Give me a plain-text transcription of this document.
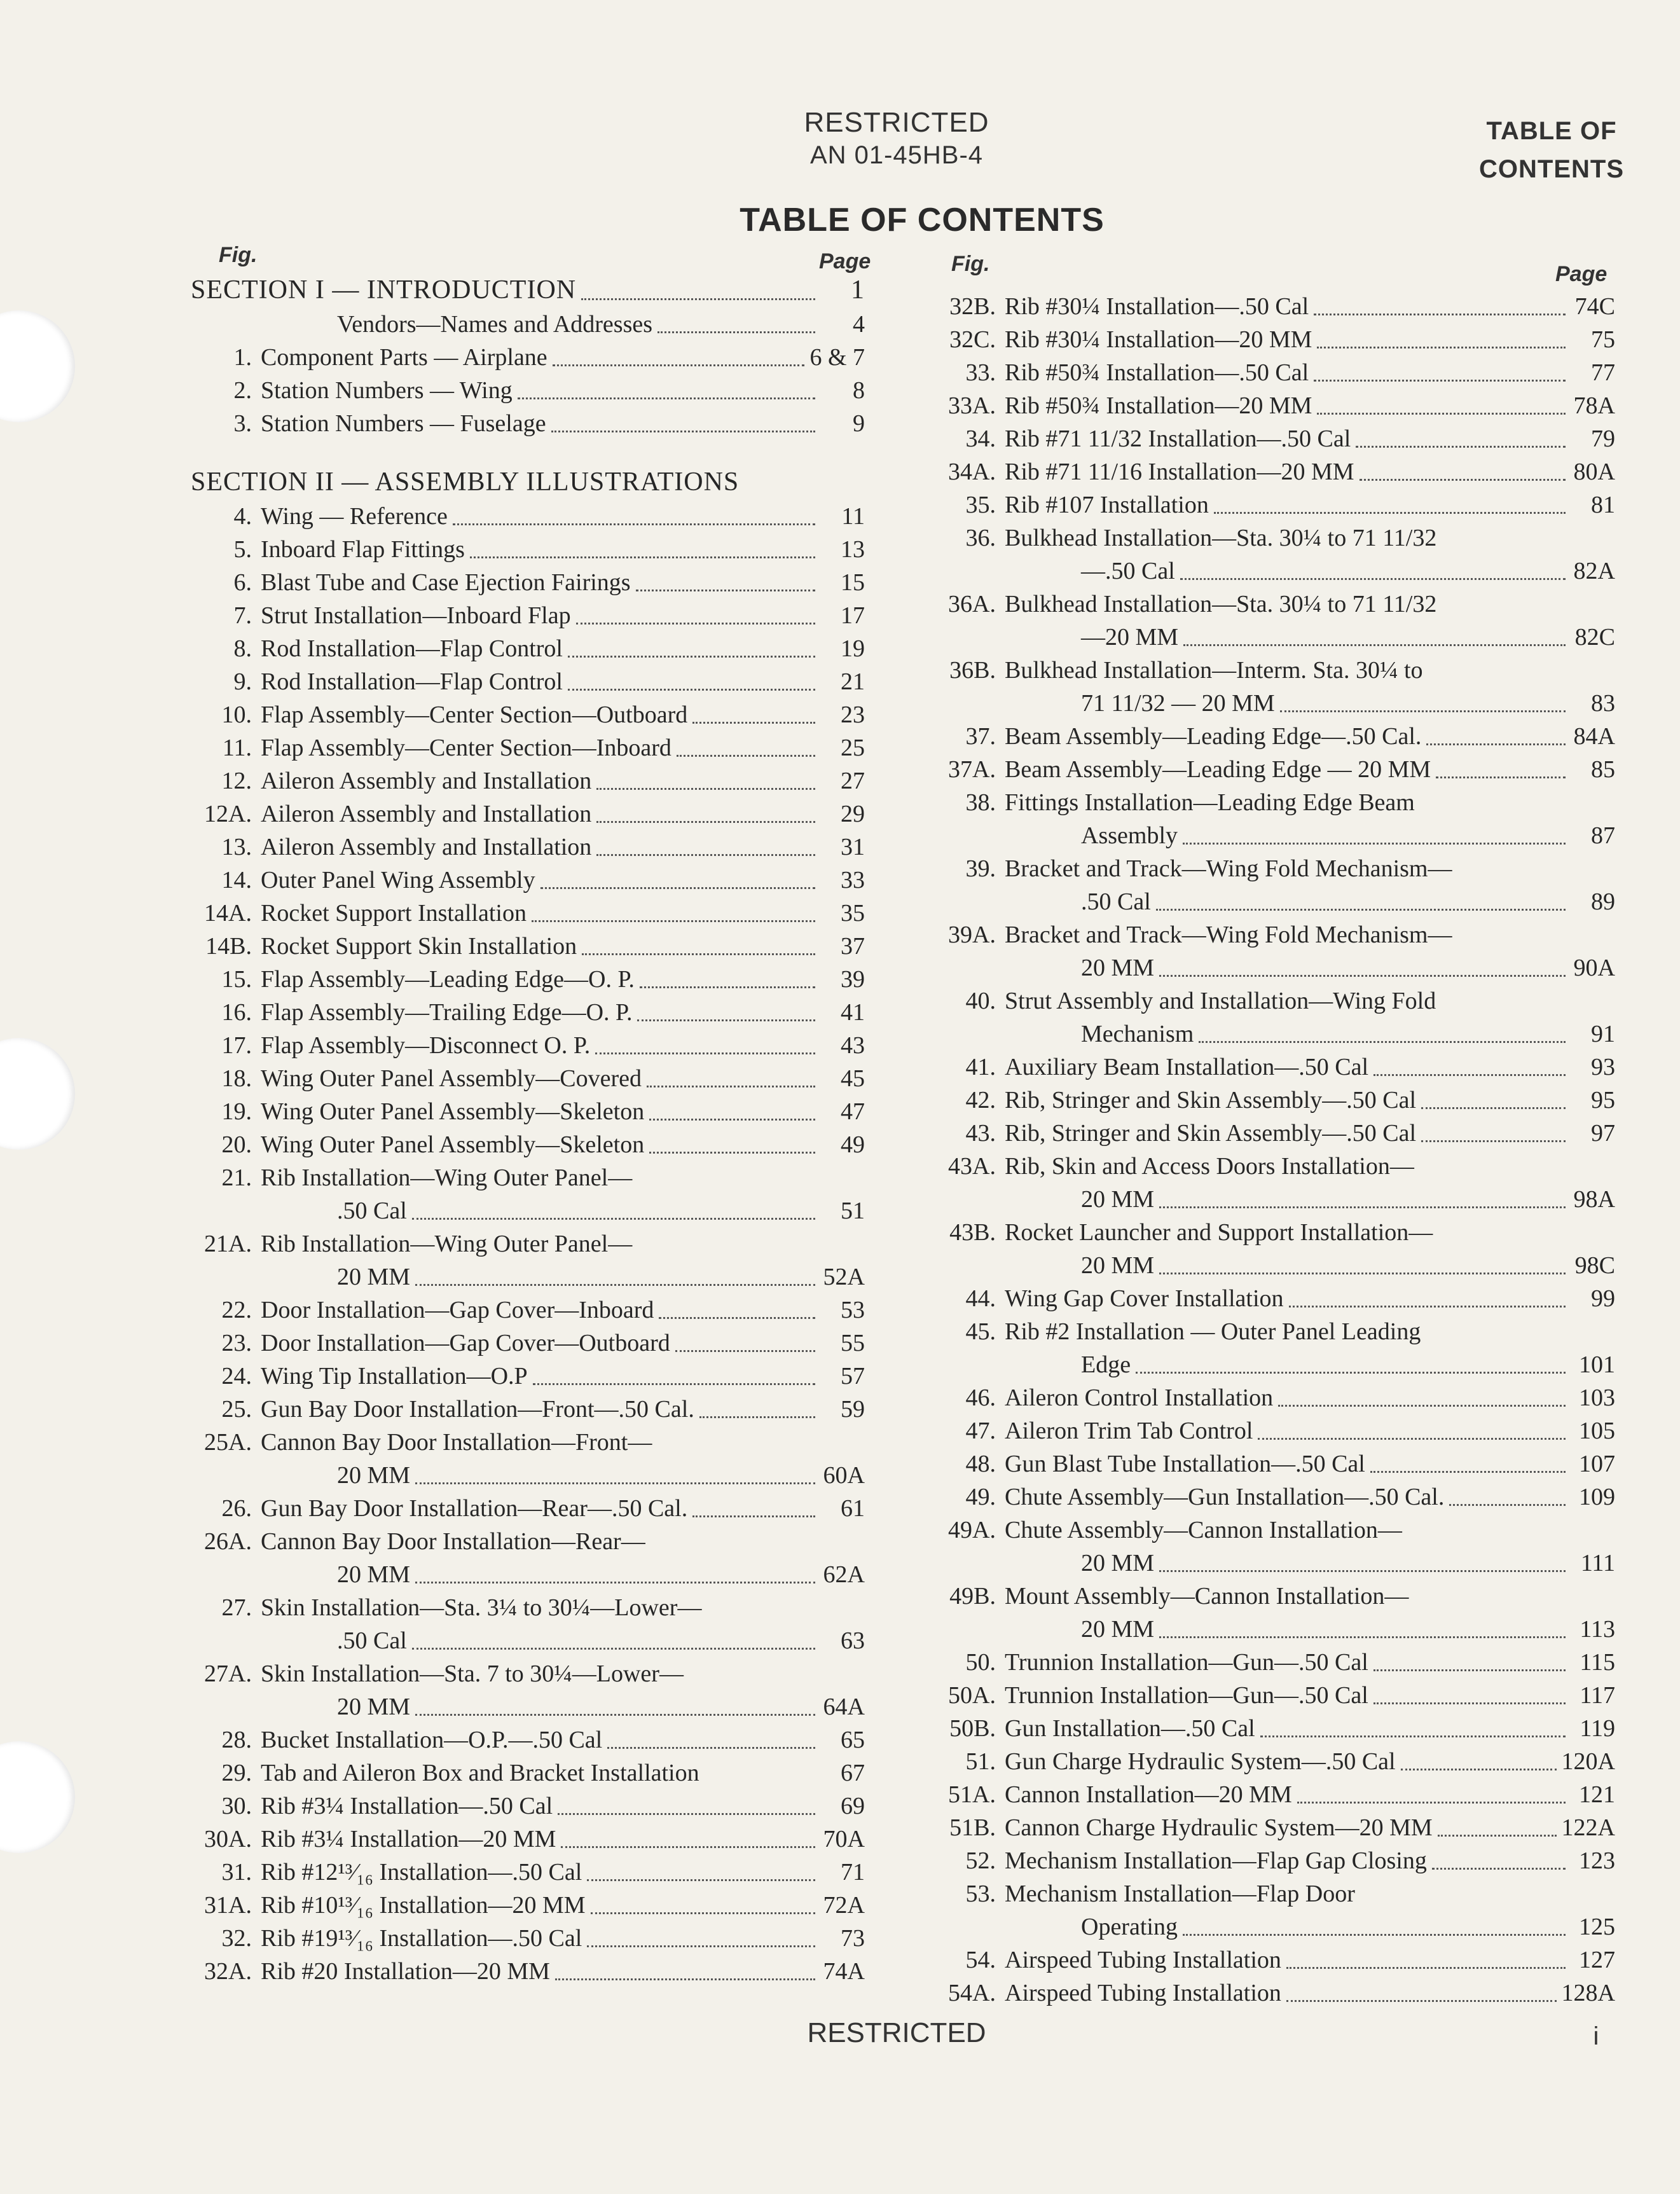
RESTRICTED
AN 01-45HB-4
TABLE OF
CONTENTS
TABLE OF CONTENTS
Fig.	Page	Fig.	Page
SECTION I — INTRODUCTION	1
Vendors—Names and Addresses	4
1. Component Parts — Airplane	6 & 7
2. Station Numbers — Wing	8
3. Station Numbers — Fuselage	9
SECTION II — ASSEMBLY ILLUSTRATIONS
4. Wing — Reference	11
5. Inboard Flap Fittings	13
6. Blast Tube and Case Ejection Fairings	15
7. Strut Installation—Inboard Flap	17
8. Rod Installation—Flap Control	19
9. Rod Installation—Flap Control	21
10. Flap Assembly—Center Section—Outboard	23
11. Flap Assembly—Center Section—Inboard	25
12. Aileron Assembly and Installation	27
12A. Aileron Assembly and Installation	29
13. Aileron Assembly and Installation	31
14. Outer Panel Wing Assembly	33
14A. Rocket Support Installation	35
14B. Rocket Support Skin Installation	37
15. Flap Assembly—Leading Edge—O. P.	39
16. Flap Assembly—Trailing Edge—O. P.	41
17. Flap Assembly—Disconnect O. P.	43
18. Wing Outer Panel Assembly—Covered	45
19. Wing Outer Panel Assembly—Skeleton	47
20. Wing Outer Panel Assembly—Skeleton	49
21. Rib Installation—Wing Outer Panel—
.50 Cal	51
21A. Rib Installation—Wing Outer Panel—
20 MM	52A
22. Door Installation—Gap Cover—Inboard	53
23. Door Installation—Gap Cover—Outboard	55
24. Wing Tip Installation—O.P	57
25. Gun Bay Door Installation—Front—.50 Cal.	59
25A. Cannon Bay Door Installation—Front—
20 MM	60A
26. Gun Bay Door Installation—Rear—.50 Cal.	61
26A. Cannon Bay Door Installation—Rear—
20 MM	62A
27. Skin Installation—Sta. 3¼ to 30¼—Lower—
.50 Cal	63
27A. Skin Installation—Sta. 7 to 30¼—Lower—
20 MM	64A
28. Bucket Installation—O.P.—.50 Cal	65
29. Tab and Aileron Box and Bracket Installation	67
30. Rib #3¼ Installation—.50 Cal	69
30A. Rib #3¼ Installation—20 MM	70A
31. Rib #12¹³⁄₁₆ Installation—.50 Cal	71
31A. Rib #10¹³⁄₁₆ Installation—20 MM	72A
32. Rib #19¹³⁄₁₆ Installation—.50 Cal	73
32A. Rib #20 Installation—20 MM	74A
32B. Rib #30¼ Installation—.50 Cal	74C
32C. Rib #30¼ Installation—20 MM	75
33. Rib #50¾ Installation—.50 Cal	77
33A. Rib #50¾ Installation—20 MM	78A
34. Rib #71 11/32 Installation—.50 Cal	79
34A. Rib #71 11/16 Installation—20 MM	80A
35. Rib #107 Installation	81
36. Bulkhead Installation—Sta. 30¼ to 71 11/32
—.50 Cal	82A
36A. Bulkhead Installation—Sta. 30¼ to 71 11/32
—20 MM	82C
36B. Bulkhead Installation—Interm. Sta. 30¼ to
71 11/32 — 20 MM	83
37. Beam Assembly—Leading Edge—.50 Cal.	84A
37A. Beam Assembly—Leading Edge — 20 MM	85
38. Fittings Installation—Leading Edge Beam
Assembly	87
39. Bracket and Track—Wing Fold Mechanism—
.50 Cal	89
39A. Bracket and Track—Wing Fold Mechanism—
20 MM	90A
40. Strut Assembly and Installation—Wing Fold
Mechanism	91
41. Auxiliary Beam Installation—.50 Cal	93
42. Rib, Stringer and Skin Assembly—.50 Cal	95
43. Rib, Stringer and Skin Assembly—.50 Cal	97
43A. Rib, Skin and Access Doors Installation—
20 MM	98A
43B. Rocket Launcher and Support Installation—
20 MM	98C
44. Wing Gap Cover Installation	99
45. Rib #2 Installation — Outer Panel Leading
Edge	101
46. Aileron Control Installation	103
47. Aileron Trim Tab Control	105
48. Gun Blast Tube Installation—.50 Cal	107
49. Chute Assembly—Gun Installation—.50 Cal.	109
49A. Chute Assembly—Cannon Installation—
20 MM	111
49B. Mount Assembly—Cannon Installation—
20 MM	113
50. Trunnion Installation—Gun—.50 Cal	115
50A. Trunnion Installation—Gun—.50 Cal	117
50B. Gun Installation—.50 Cal	119
51. Gun Charge Hydraulic System—.50 Cal	120A
51A. Cannon Installation—20 MM	121
51B. Cannon Charge Hydraulic System—20 MM	122A
52. Mechanism Installation—Flap Gap Closing	123
53. Mechanism Installation—Flap Door
Operating	125
54. Airspeed Tubing Installation	127
54A. Airspeed Tubing Installation	128A
RESTRICTED	i
